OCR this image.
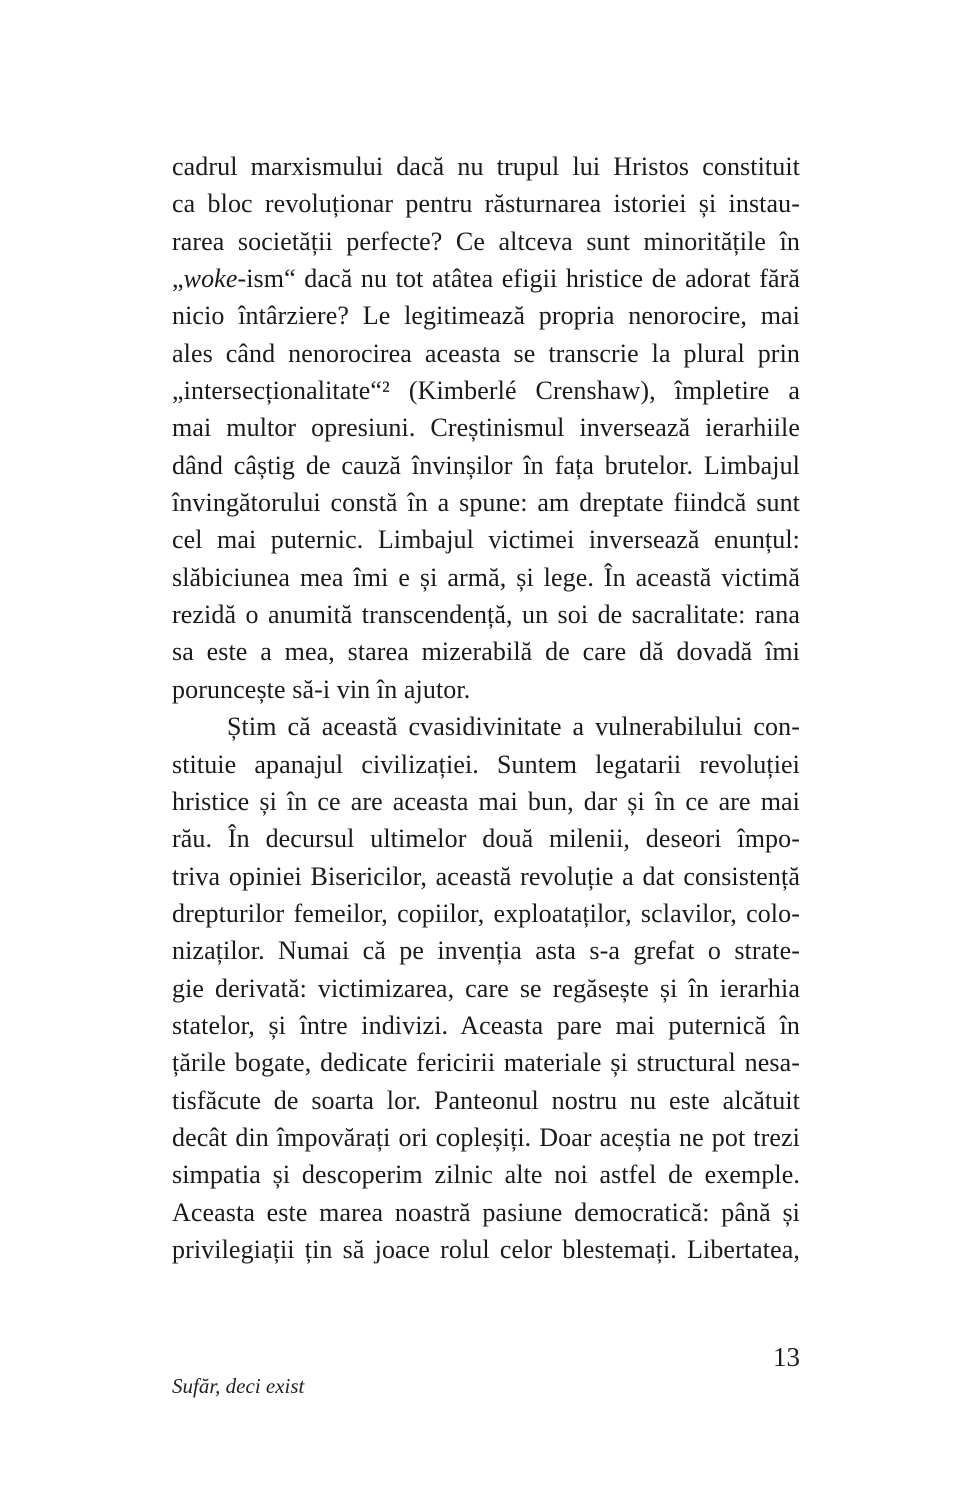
cadrul marxismului dacă nu trupul lui Hristos constituit
ca bloc revoluționar pentru răsturnarea istoriei și instau-
rarea societății perfecte? Ce altceva sunt minoritățile în
„woke-ism“ dacă nu tot atâtea efigii hristice de adorat fără
nicio întârziere? Le legitimează propria nenorocire, mai
ales când nenorocirea aceasta se transcrie la plural prin
„intersecționalitate“² (Kimberlé Crenshaw), împletire a
mai multor opresiuni. Creștinismul inversează ierarhiile
dând câștig de cauză învinșilor în fața brutelor. Limbajul
învingătorului constă în a spune: am dreptate fiindcă sunt
cel mai puternic. Limbajul victimei inversează enunțul:
slăbiciunea mea îmi e și armă, și lege. În această victimă
rezidă o anumită transcendență, un soi de sacralitate: rana
sa este a mea, starea mizerabilă de care dă dovadă îmi
poruncește să-i vin în ajutor.
Știm că această cvasidivinitate a vulnerabilului con-
stituie apanajul civilizației. Suntem legatarii revoluției
hristice și în ce are aceasta mai bun, dar și în ce are mai
rău. În decursul ultimelor două milenii, deseori împo-
triva opiniei Bisericilor, această revoluție a dat consistență
drepturilor femeilor, copiilor, exploataților, sclavilor, colo-
nizaților. Numai că pe invenția asta s-a grefat o strate-
gie derivată: victimizarea, care se regăsește și în ierarhia
statelor, și între indivizi. Aceasta pare mai puternică în
țările bogate, dedicate fericirii materiale și structural nesa-
tisfăcute de soarta lor. Panteonul nostru nu este alcătuit
decât din împovărați ori copleșiți. Doar aceștia ne pot trezi
simpatia și descoperim zilnic alte noi astfel de exemple.
Aceasta este marea noastră pasiune democratică: până și
privilegiații țin să joace rolul celor blestemați. Libertatea,
13
Sufăr, deci exist
